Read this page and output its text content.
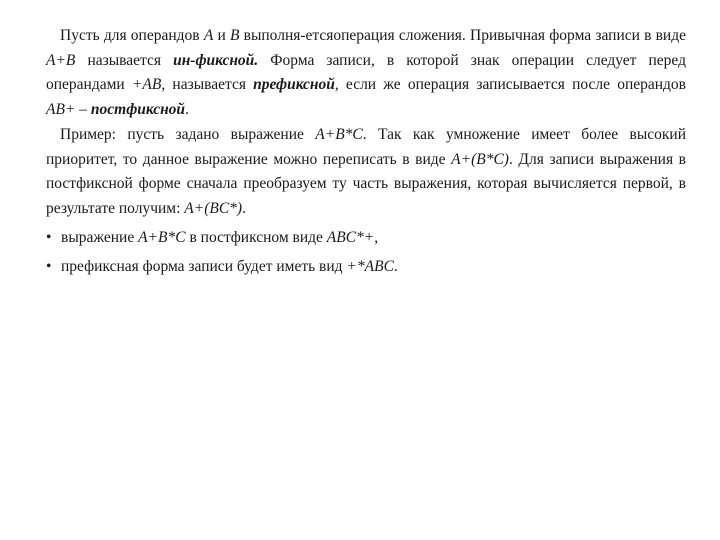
Пусть для операндов A и B выполня-етсяоперация сложения. Привычная форма записи в виде A+B называется ин-фиксной. Форма записи, в которой знак операции следует перед операндами +AB, называется префиксной, если же операция записывается после операндов AB+ – постфиксной.

Пример: пусть задано выражение A+B*C. Так как умножение имеет более высокий приоритет, то данное выражение можно переписать в виде A+(B*C). Для записи выражения в постфиксной форме сначала преобразуем ту часть выражения, которая вычисляется первой, в результате получим: A+(BC*).

• выражение A+B*C в постфиксном виде ABC*+,
• префиксная форма записи будет иметь вид +*ABC.
